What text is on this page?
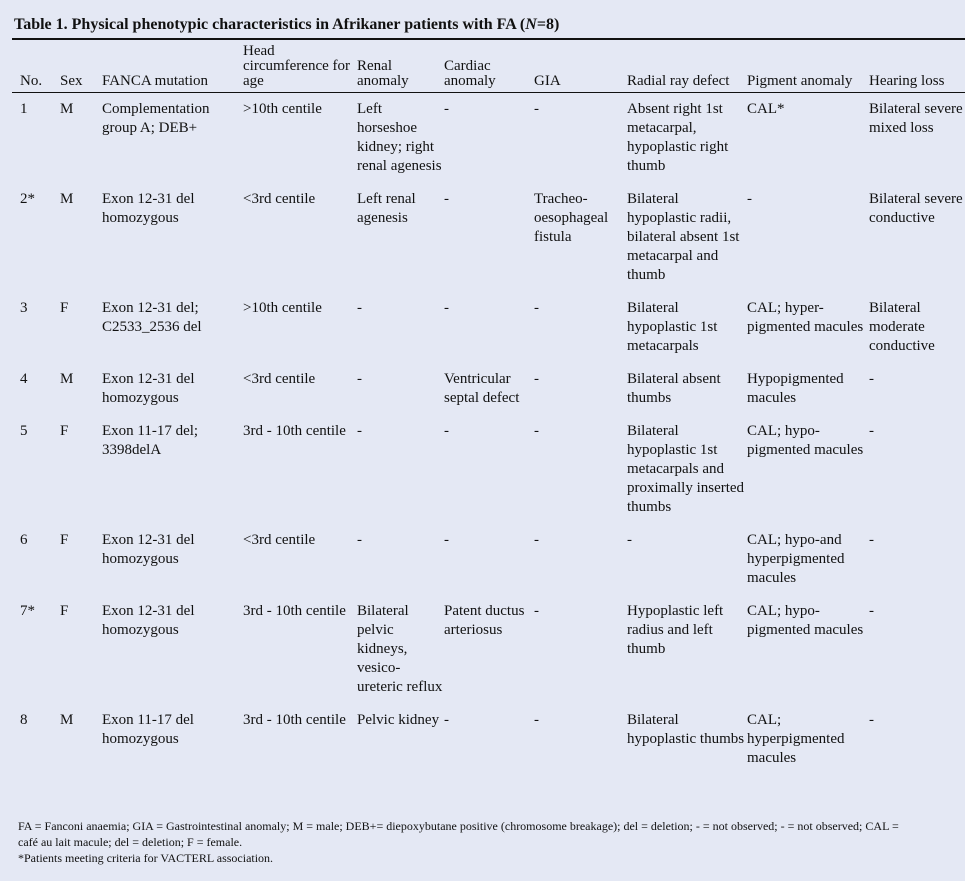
Table 1. Physical phenotypic characteristics in Afrikaner patients with FA (N=8)
No.	Sex	FANCA mutation	Head circumference for age	Renal anomaly	Cardiac anomaly	GIA	Radial ray defect	Pigment anomaly	Hearing loss
1	M	Complementation group A; DEB+	>10th centile	Left horseshoe kidney; right renal agenesis	-	-	Absent right 1st metacarpal, hypoplastic right thumb	CAL*	Bilateral severe mixed loss
2*	M	Exon 12-31 del homozygous	<3rd centile	Left renal agenesis	-	Tracheo-oesophageal fistula	Bilateral hypoplastic radii, bilateral absent 1st metacarpal and thumb	-	Bilateral severe conductive
3	F	Exon 12-31 del; C2533_2536 del	>10th centile	-	-	-	Bilateral hypoplastic 1st metacarpals	CAL; hyper-pigmented macules	Bilateral moderate conductive
4	M	Exon 12-31 del homozygous	<3rd centile	-	Ventricular septal defect	-	Bilateral absent thumbs	Hypopigmented macules	-
5	F	Exon 11-17 del; 3398delA	3rd - 10th centile	-	-	-	Bilateral hypoplastic 1st metacarpals and proximally inserted thumbs	CAL; hypo-pigmented macules	-
6	F	Exon 12-31 del homozygous	<3rd centile	-	-	-	-	CAL; hypo-and hyperpigmented macules	-
7*	F	Exon 12-31 del homozygous	3rd - 10th centile	Bilateral pelvic kidneys, vesico-ureteric reflux	Patent ductus arteriosus	-	Hypoplastic left radius and left thumb	CAL; hypo-pigmented macules	-
8	M	Exon 11-17 del homozygous	3rd - 10th centile	Pelvic kidney	-	-	Bilateral hypoplastic thumbs	CAL; hyperpigmented macules	-
FA = Fanconi anaemia; GIA = Gastrointestinal anomaly; M = male; DEB+= diepoxybutane positive (chromosome breakage); del = deletion; - = not observed; - = not observed; CAL = café au lait macule; del = deletion; F = female.
*Patients meeting criteria for VACTERL association.
